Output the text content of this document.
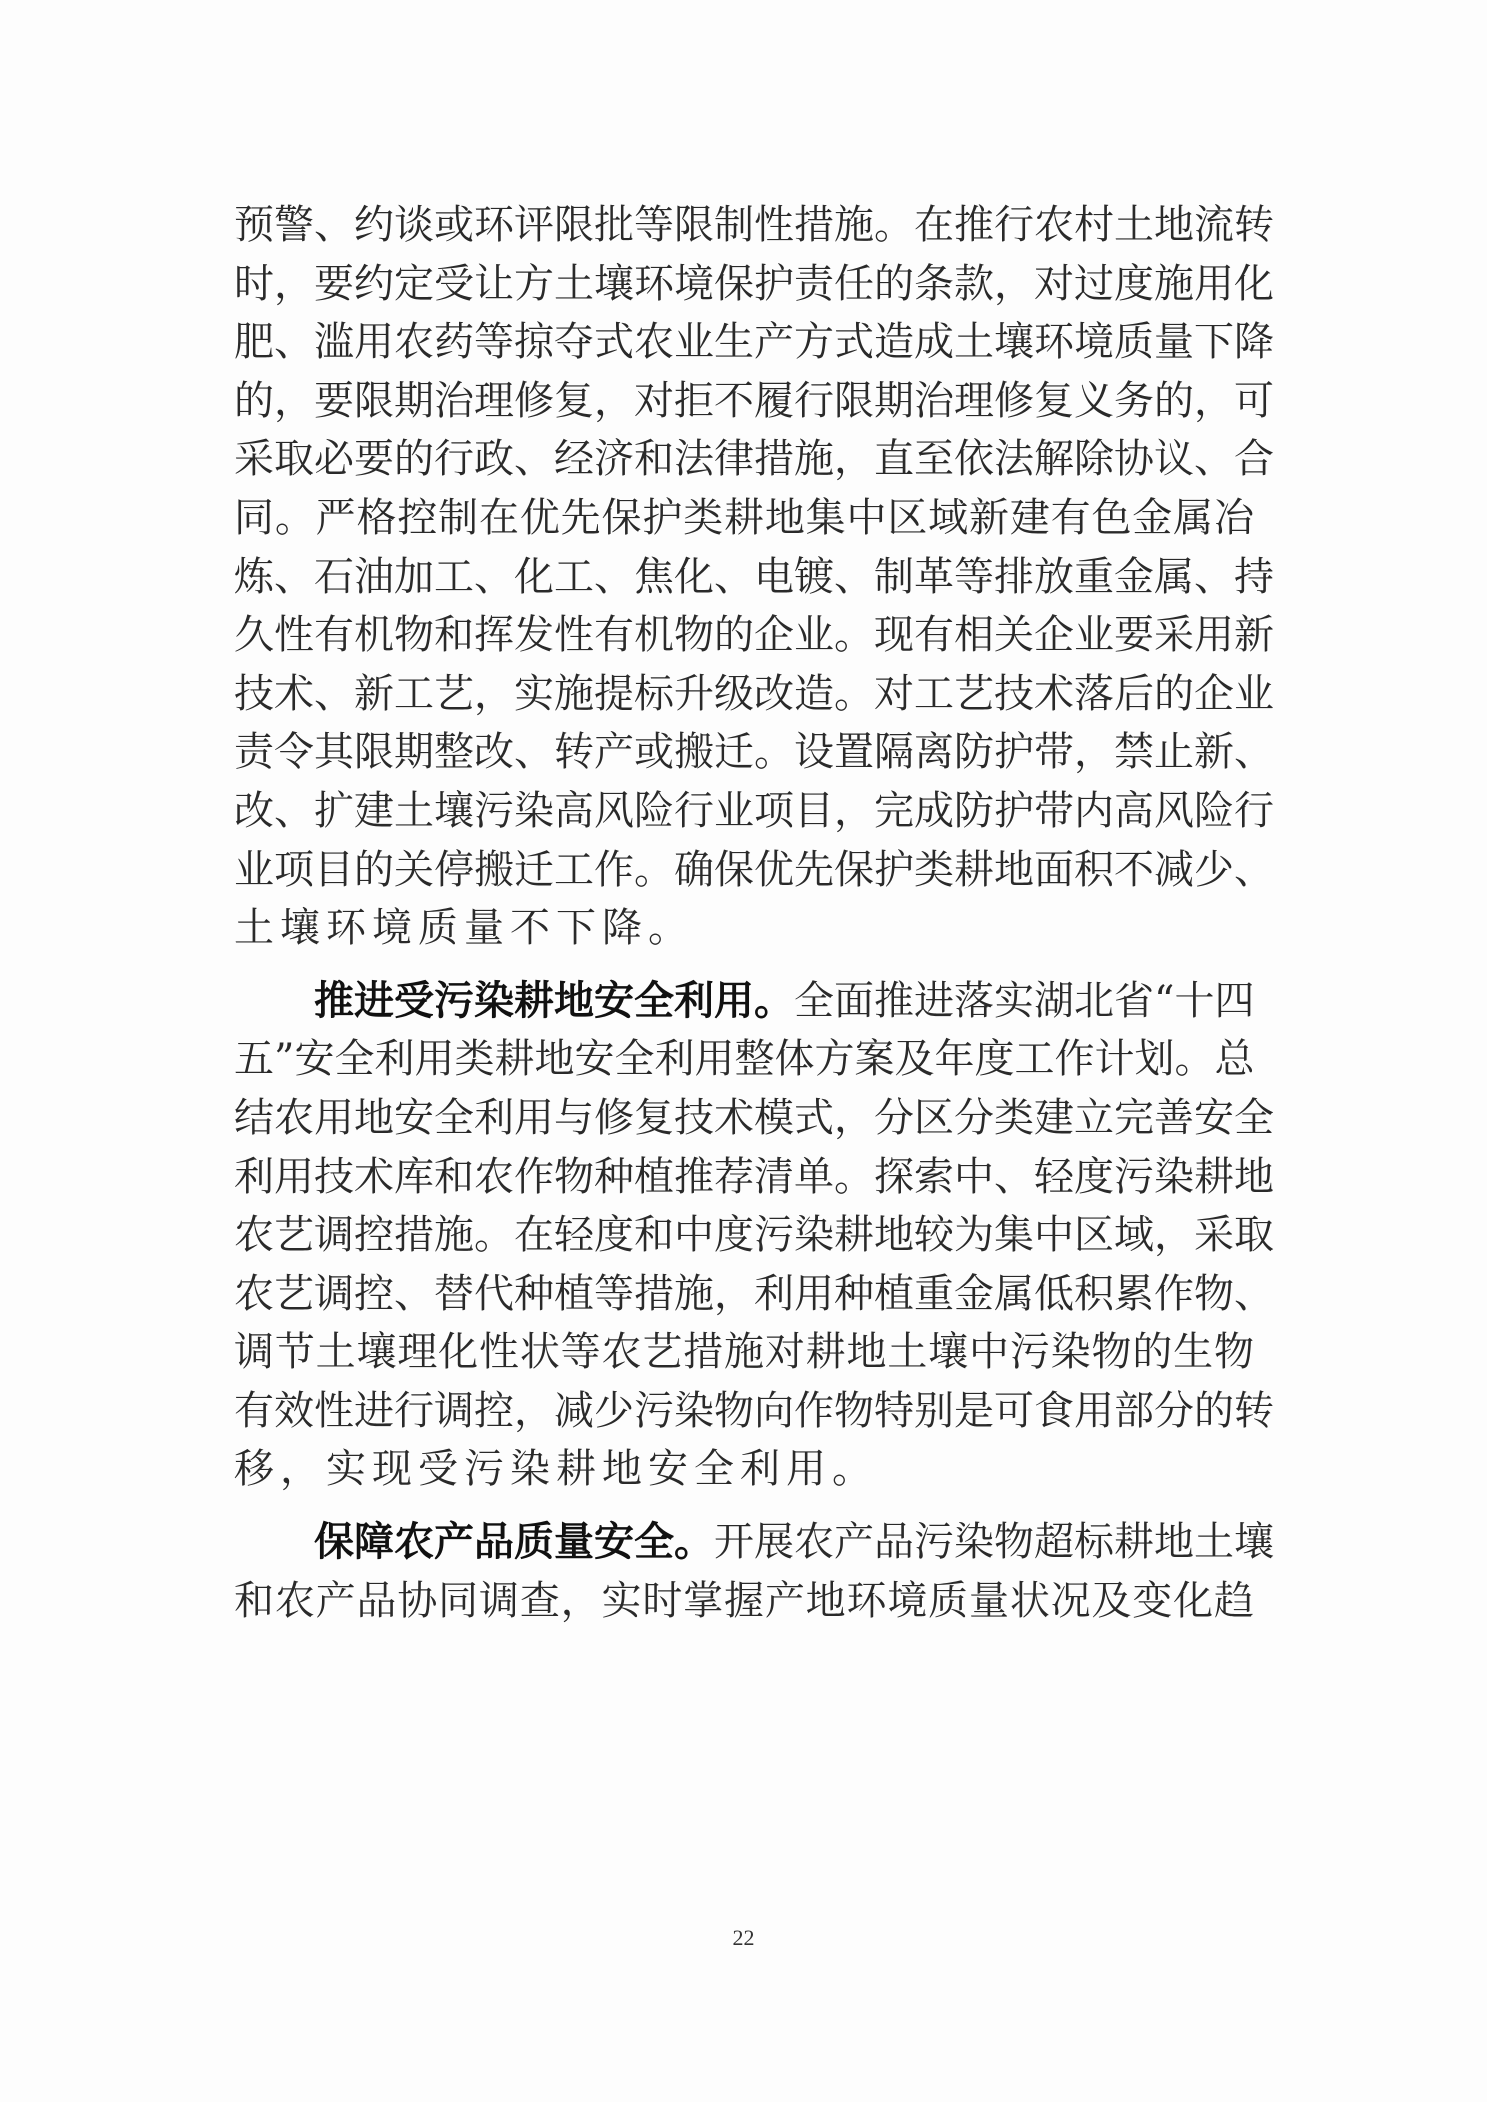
预警、约谈或环评限批等限制性措施。在推行农村土地流转
时，要约定受让方土壤环境保护责任的条款，对过度施用化
肥、滥用农药等掠夺式农业生产方式造成土壤环境质量下降
的，要限期治理修复，对拒不履行限期治理修复义务的，可
采取必要的行政、经济和法律措施，直至依法解除协议、合
同。严格控制在优先保护类耕地集中区域新建有色金属冶
炼、石油加工、化工、焦化、电镀、制革等排放重金属、持
久性有机物和挥发性有机物的企业。现有相关企业要采用新
技术、新工艺，实施提标升级改造。对工艺技术落后的企业
责令其限期整改、转产或搬迁。设置隔离防护带，禁止新、
改、扩建土壤污染高风险行业项目，完成防护带内高风险行
业项目的关停搬迁工作。确保优先保护类耕地面积不减少、
土壤环境质量不下降。
推进受污染耕地安全利用。全面推进落实湖北省“十四
五”安全利用类耕地安全利用整体方案及年度工作计划。总
结农用地安全利用与修复技术模式，分区分类建立完善安全
利用技术库和农作物种植推荐清单。探索中、轻度污染耕地
农艺调控措施。在轻度和中度污染耕地较为集中区域，采取
农艺调控、替代种植等措施，利用种植重金属低积累作物、
调节土壤理化性状等农艺措施对耕地土壤中污染物的生物
有效性进行调控，减少污染物向作物特别是可食用部分的转
移，实现受污染耕地安全利用。
保障农产品质量安全。开展农产品污染物超标耕地土壤
和农产品协同调查，实时掌握产地环境质量状况及变化趋
22
